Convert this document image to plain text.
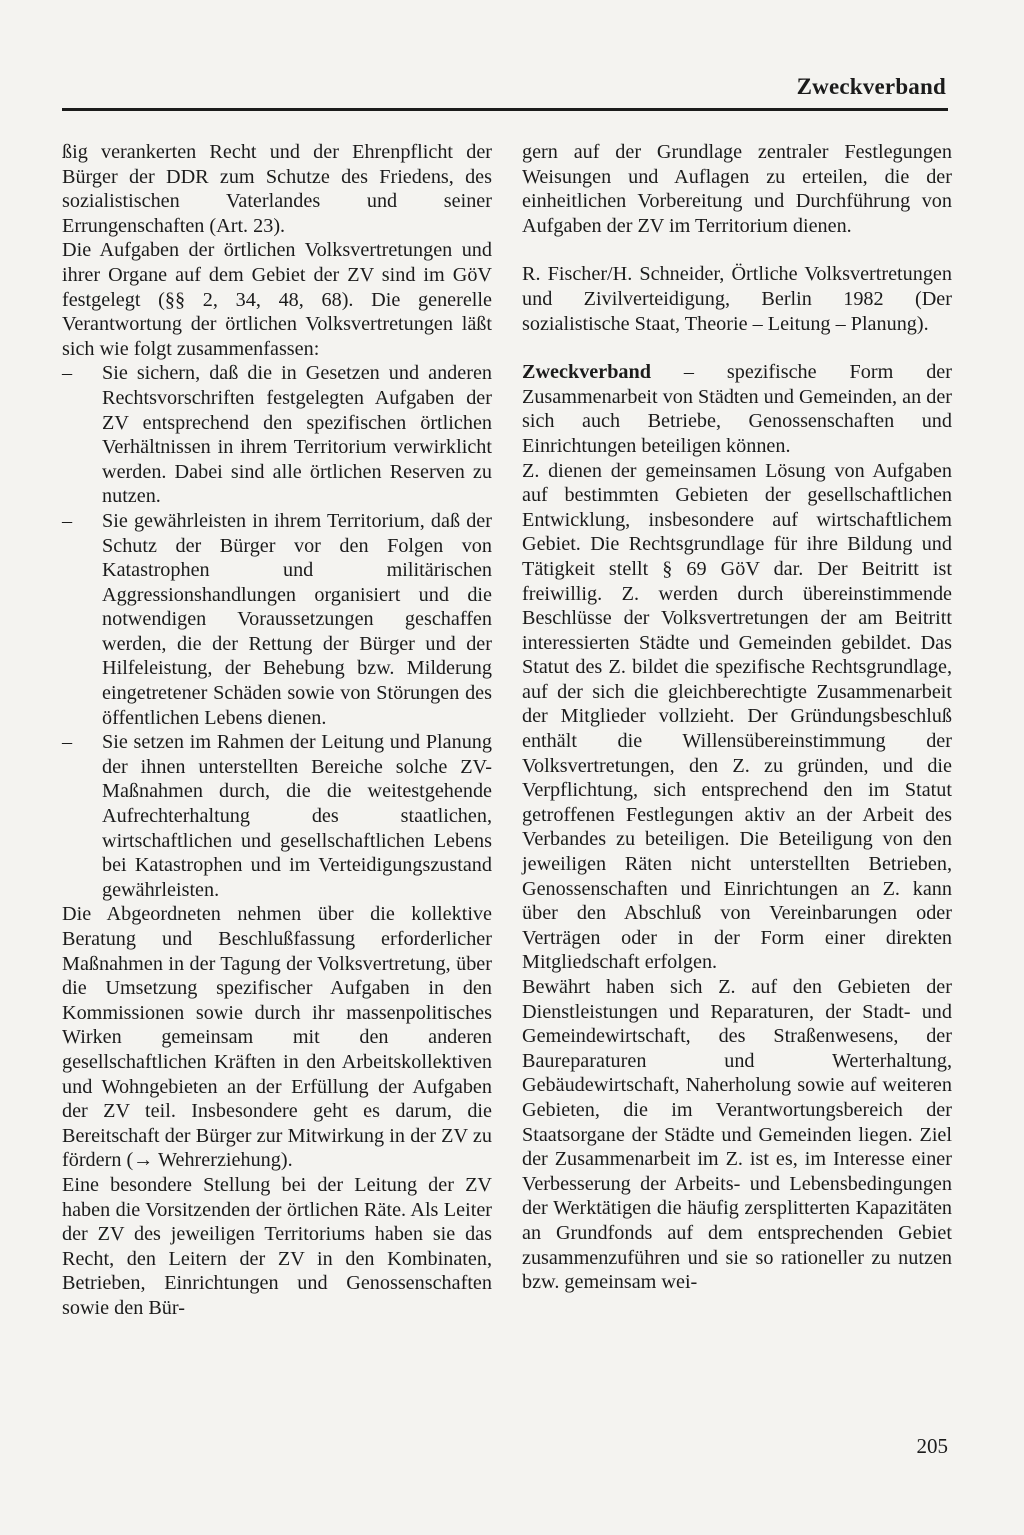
Zweckverband

ßig verankerten Recht und der Ehrenpflicht der Bürger der DDR zum Schutze des Friedens, des sozialistischen Vaterlandes und seiner Errungenschaften (Art. 23).

Die Aufgaben der örtlichen Volksvertretungen und ihrer Organe auf dem Gebiet der ZV sind im GöV festgelegt (§§ 2, 34, 48, 68). Die generelle Verantwortung der örtlichen Volksvertretungen läßt sich wie folgt zusammenfassen:

– Sie sichern, daß die in Gesetzen und anderen Rechtsvorschriften festgelegten Aufgaben der ZV entsprechend den spezifischen örtlichen Verhältnissen in ihrem Territorium verwirklicht werden. Dabei sind alle örtlichen Reserven zu nutzen.
– Sie gewährleisten in ihrem Territorium, daß der Schutz der Bürger vor den Folgen von Katastrophen und militärischen Aggressionshandlungen organisiert und die notwendigen Voraussetzungen geschaffen werden, die der Rettung der Bürger und der Hilfeleistung, der Behebung bzw. Milderung eingetretener Schäden sowie von Störungen des öffentlichen Lebens dienen.
– Sie setzen im Rahmen der Leitung und Planung der ihnen unterstellten Bereiche solche ZV-Maßnahmen durch, die die weitestgehende Aufrechterhaltung des staatlichen, wirtschaftlichen und gesellschaftlichen Lebens bei Katastrophen und im Verteidigungszustand gewährleisten.

Die Abgeordneten nehmen über die kollektive Beratung und Beschlußfassung erforderlicher Maßnahmen in der Tagung der Volksvertretung, über die Umsetzung spezifischer Aufgaben in den Kommissionen sowie durch ihr massenpolitisches Wirken gemeinsam mit den anderen gesellschaftlichen Kräften in den Arbeitskollektiven und Wohngebieten an der Erfüllung der Aufgaben der ZV teil. Insbesondere geht es darum, die Bereitschaft der Bürger zur Mitwirkung in der ZV zu fördern (→ Wehrerziehung).

Eine besondere Stellung bei der Leitung der ZV haben die Vorsitzenden der örtlichen Räte. Als Leiter der ZV des jeweiligen Territoriums haben sie das Recht, den Leitern der ZV in den Kombinaten, Betrieben, Einrichtungen und Genossenschaften sowie den Bür-

gern auf der Grundlage zentraler Festlegungen Weisungen und Auflagen zu erteilen, die der einheitlichen Vorbereitung und Durchführung von Aufgaben der ZV im Territorium dienen.

R. Fischer/H. Schneider, Örtliche Volksvertretungen und Zivilverteidigung, Berlin 1982 (Der sozialistische Staat, Theorie – Leitung – Planung).

Zweckverband – spezifische Form der Zusammenarbeit von Städten und Gemeinden, an der sich auch Betriebe, Genossenschaften und Einrichtungen beteiligen können.

Z. dienen der gemeinsamen Lösung von Aufgaben auf bestimmten Gebieten der gesellschaftlichen Entwicklung, insbesondere auf wirtschaftlichem Gebiet. Die Rechtsgrundlage für ihre Bildung und Tätigkeit stellt § 69 GöV dar. Der Beitritt ist freiwillig. Z. werden durch übereinstimmende Beschlüsse der Volksvertretungen der am Beitritt interessierten Städte und Gemeinden gebildet. Das Statut des Z. bildet die spezifische Rechtsgrundlage, auf der sich die gleichberechtigte Zusammenarbeit der Mitglieder vollzieht. Der Gründungsbeschluß enthält die Willensübereinstimmung der Volksvertretungen, den Z. zu gründen, und die Verpflichtung, sich entsprechend den im Statut getroffenen Festlegungen aktiv an der Arbeit des Verbandes zu beteiligen. Die Beteiligung von den jeweiligen Räten nicht unterstellten Betrieben, Genossenschaften und Einrichtungen an Z. kann über den Abschluß von Vereinbarungen oder Verträgen oder in der Form einer direkten Mitgliedschaft erfolgen.

Bewährt haben sich Z. auf den Gebieten der Dienstleistungen und Reparaturen, der Stadt- und Gemeindewirtschaft, des Straßenwesens, der Baureparaturen und Werterhaltung, Gebäudewirtschaft, Naherholung sowie auf weiteren Gebieten, die im Verantwortungsbereich der Staatsorgane der Städte und Gemeinden liegen. Ziel der Zusammenarbeit im Z. ist es, im Interesse einer Verbesserung der Arbeits- und Lebensbedingungen der Werktätigen die häufig zersplitterten Kapazitäten an Grundfonds auf dem entsprechenden Gebiet zusammenzuführen und sie so rationeller zu nutzen bzw. gemeinsam wei-

205
